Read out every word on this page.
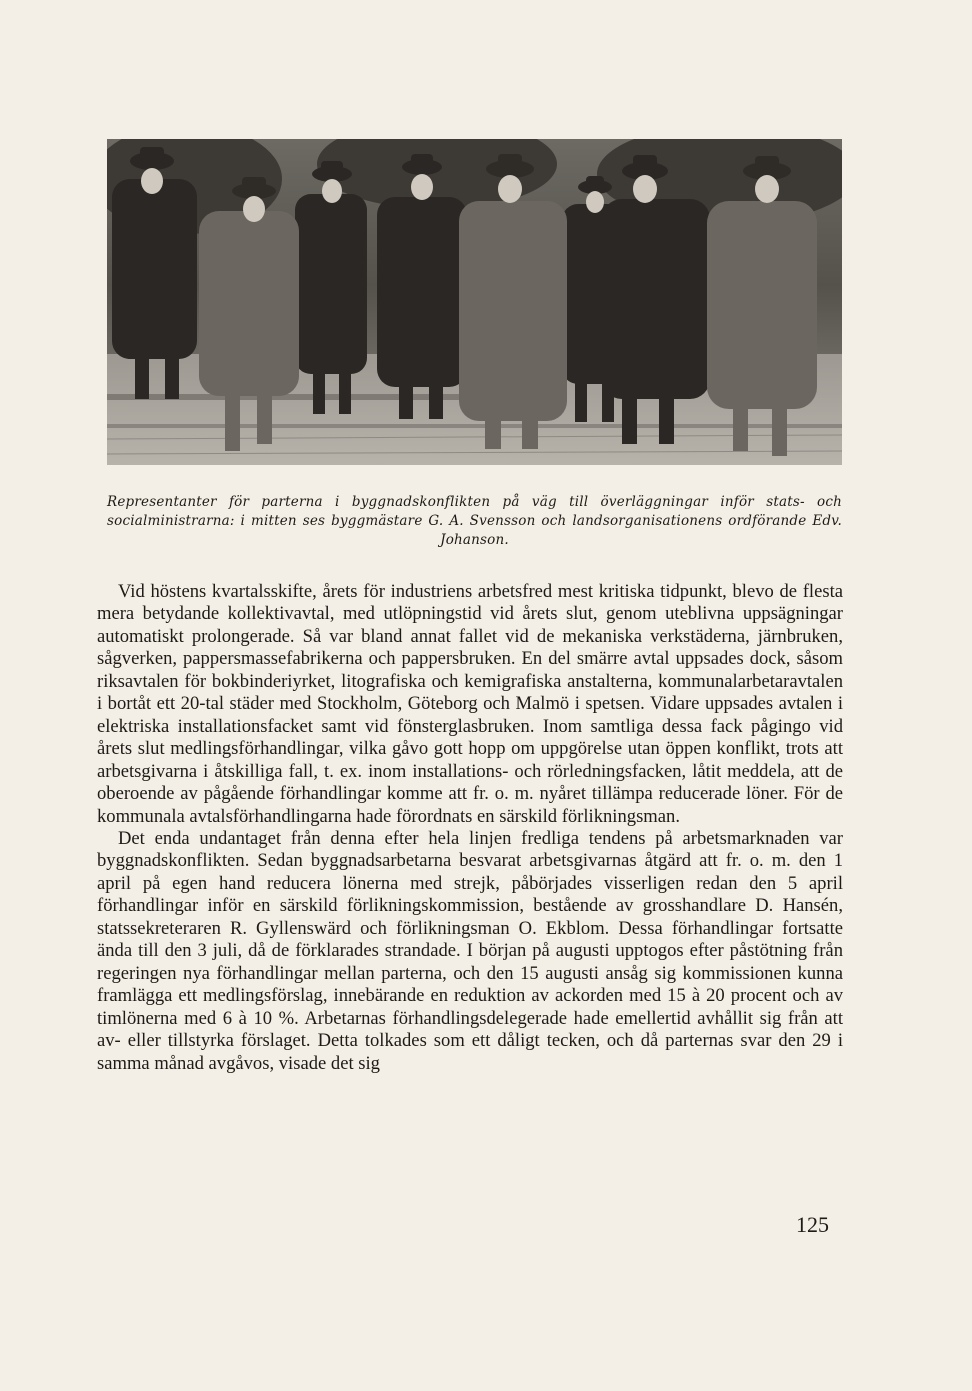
Representanter för parterna i byggnadskonflikten på väg till överläggningar inför stats- och socialministrarna: i mitten ses byggmästare G. A. Svensson och landsorganisationens ordförande Edv. Johanson.

Vid höstens kvartalsskifte, årets för industriens arbetsfred mest kritiska tidpunkt, blevo de flesta mera betydande kollektivavtal, med utlöpningstid vid årets slut, genom uteblivna uppsägningar automatiskt prolongerade. Så var bland annat fallet vid de mekaniska verkstäderna, järnbruken, sågverken, pappersmassefabrikerna och pappersbruken. En del smärre avtal uppsades dock, såsom riksavtalen för bokbinderiyrket, litografiska och kemigrafiska anstalterna, kommunalarbetaravtalen i bortåt ett 20-tal städer med Stockholm, Göteborg och Malmö i spetsen. Vidare uppsades avtalen i elektriska installationsfacket samt vid fönsterglasbruken. Inom samtliga dessa fack pågingo vid årets slut medlingsförhandlingar, vilka gåvo gott hopp om uppgörelse utan öppen konflikt, trots att arbetsgivarna i åtskilliga fall, t. ex. inom installations- och rörledningsfacken, låtit meddela, att de oberoende av pågående förhandlingar komme att fr. o. m. nyåret tillämpa reducerade löner. För de kommunala avtalsförhandlingarna hade förordnats en särskild förlikningsman.

Det enda undantaget från denna efter hela linjen fredliga tendens på arbetsmarknaden var byggnadskonflikten. Sedan byggnadsarbetarna besvarat arbetsgivarnas åtgärd att fr. o. m. den 1 april på egen hand reducera lönerna med strejk, påbörjades visserligen redan den 5 april förhandlingar inför en särskild förlikningskommission, bestående av grosshandlare D. Hansén, statssekreteraren R. Gyllenswärd och förlikningsman O. Ekblom. Dessa förhandlingar fortsatte ända till den 3 juli, då de förklarades strandade. I början på augusti upptogos efter påstötning från regeringen nya förhandlingar mellan parterna, och den 15 augusti ansåg sig kommissionen kunna framlägga ett medlingsförslag, innebärande en reduktion av ackorden med 15 à 20 procent och av timlönerna med 6 à 10 %. Arbetarnas förhandlingsdelegerade hade emellertid avhållit sig från att av- eller tillstyrka förslaget. Detta tolkades som ett dåligt tecken, och då parternas svar den 29 i samma månad avgåvos, visade det sig

125
